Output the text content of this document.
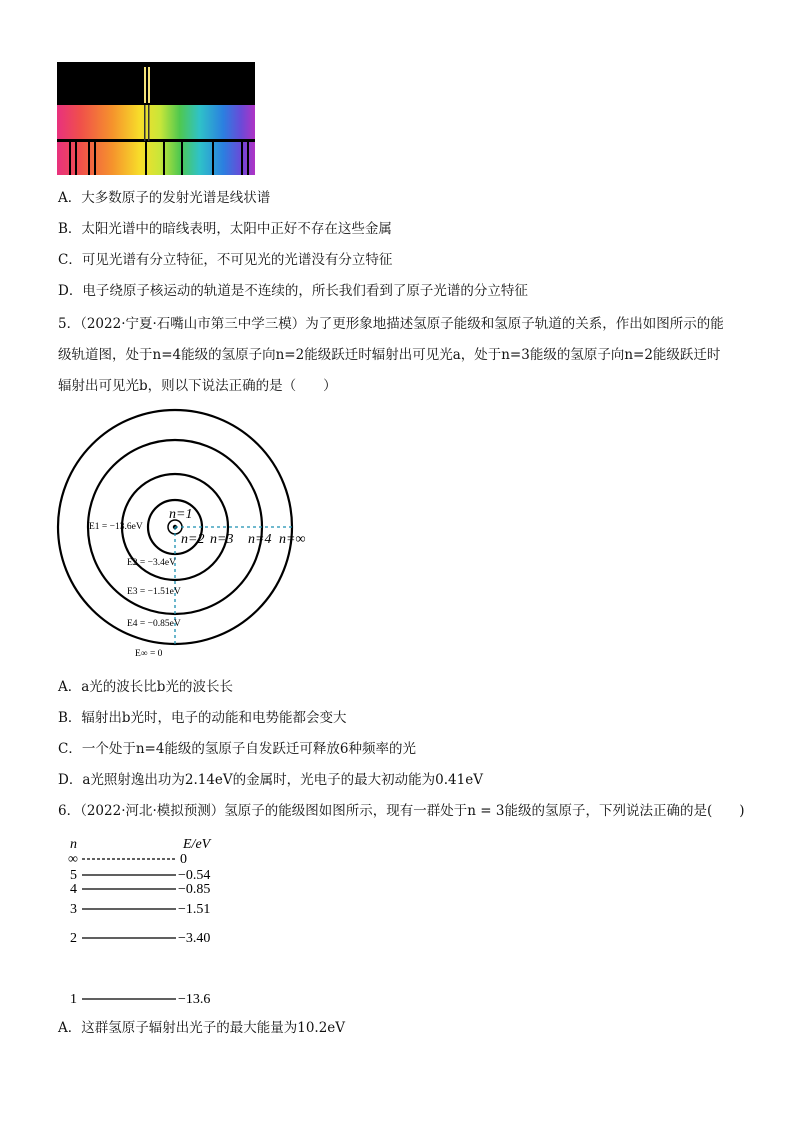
A．大多数原子的发射光谱是线状谱
B．太阳光谱中的暗线表明，太阳中正好不存在这些金属
C．可见光谱有分立特征，不可见光的光谱没有分立特征
D．电子绕原子核运动的轨道是不连续的，所长我们看到了原子光谱的分立特征
5．（2022·宁夏·石嘴山市第三中学三模）为了更形象地描述氢原子能级和氢原子轨道的关系，作出如图所示的能
级轨道图，处于n=4能级的氢原子向n=2能级跃迁时辐射出可见光a，处于n=3能级的氢原子向n=2能级跃迁时
辐射出可见光b，则以下说法正确的是（　　）
n=1
n=2 n=3 n=4 n=∞
E1 = −13.6eV
E2 = −3.4eV
E3 = −1.51eV
E4 = −0.85eV
E∞ = 0
A．a光的波长比b光的波长长
B．辐射出b光时，电子的动能和电势能都会变大
C．一个处于n=4能级的氢原子自发跃迁可释放6种频率的光
D．a光照射逸出功为2.14eV的金属时，光电子的最大初动能为0.41eV
6．（2022·河北·模拟预测）氢原子的能级图如图所示，现有一群处于n = 3能级的氢原子，下列说法正确的是(　　)
n	E/eV
∞
5
4
3
2
1
0
−0.54
−0.85
−1.51
−3.40
−13.6
A．这群氢原子辐射出光子的最大能量为10.2eV
